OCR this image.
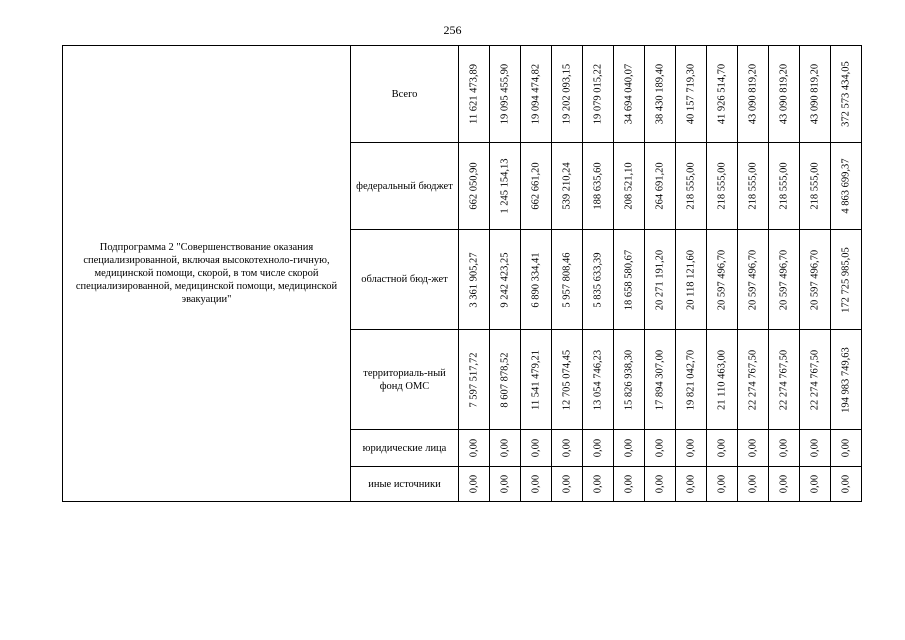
256
Подпрограмма 2 "Совершенствование оказания специализированной, включая высокотехноло-гичную, медицинской помощи, скорой, в том числе скорой специализированной, медицинской помощи, медицинской эвакуации"	Всего	11 621 473,89	19 095 455,90	19 094 474,82	19 202 093,15	19 079 015,22	34 694 040,07	38 430 189,40	40 157 719,30	41 926 514,70	43 090 819,20	43 090 819,20	43 090 819,20	372 573 434,05

	федеральный бюджет	662 050,90	1 245 154,13	662 661,20	539 210,24	188 635,60	208 521,10	264 691,20	218 555,00	218 555,00	218 555,00	218 555,00	218 555,00	4 863 699,37

	областной бюд-жет	3 361 905,27	9 242 423,25	6 890 334,41	5 957 808,46	5 835 633,39	18 658 580,67	20 271 191,20	20 118 121,60	20 597 496,70	20 597 496,70	20 597 496,70	20 597 496,70	172 725 985,05

	территориаль-ный фонд ОМС	7 597 517,72	8 607 878,52	11 541 479,21	12 705 074,45	13 054 746,23	15 826 938,30	17 894 307,00	19 821 042,70	21 110 463,00	22 274 767,50	22 274 767,50	22 274 767,50	194 983 749,63

	юридические лица	0,00	0,00	0,00	0,00	0,00	0,00	0,00	0,00	0,00	0,00	0,00	0,00	0,00

	иные источники	0,00	0,00	0,00	0,00	0,00	0,00	0,00	0,00	0,00	0,00	0,00	0,00	0,00
